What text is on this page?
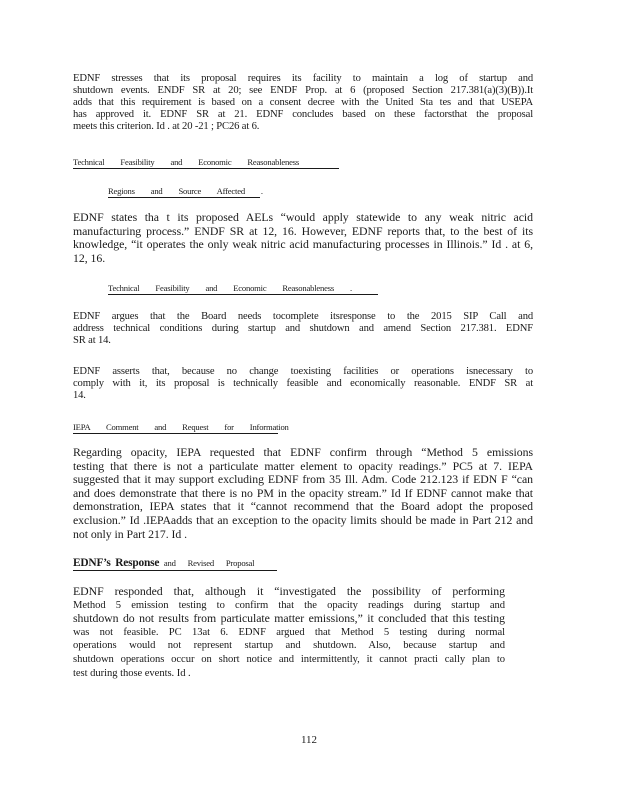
EDNF stresses that its proposal requires its facility to maintain a log of startup and
shutdown events. ENDF SR at 20; see ENDF Prop. at 6 (proposed Section 217.381(a)(3)(B)).It
adds that this requirement is based on a consent decree with the United Sta tes and that USEPA
has approved it. EDNF SR at 21. EDNF concludes based on these factorsthat the proposal
meets this criterion. Id . at 20 -21 ; PC26 at 6.
Technical Feasibility and Economic Reasonableness
Regions and Source Affected .
EDNF states tha t its proposed AELs “would apply statewide to any weak nitric acid
manufacturing process.” ENDF SR at 12, 16. However, EDNF reports that, to the best of its
knowledge, “it operates the only weak nitric acid manufacturing processes in Illinois.” Id . at 6,
12, 16.
Technical Feasibility and Economic Reasonableness .
EDNF argues that the Board needs tocomplete itsresponse to the 2015 SIP Call and
address technical conditions during startup and shutdown and amend Section 217.381. EDNF
SR at 14.
EDNF asserts that, because no change toexisting facilities or operations isnecessary to
comply with it, its proposal is technically feasible and economically reasonable. ENDF SR at
14.
IEPA Comment and Request for Information
Regarding opacity, IEPA requested that EDNF confirm through “Method 5 emissions
testing that there is not a particulate matter element to opacity readings.” PC5 at 7. IEPA
suggested that it may support excluding EDNF from 35 Ill. Adm. Code 212.123 if EDN F “can
and does demonstrate that there is no PM in the opacity stream.” Id If EDNF cannot make that
demonstration, IEPA states that it “cannot recommend that the Board adopt the proposed
exclusion.” Id .IEPAadds that an exception to the opacity limits should be made in Part 212 and
not only in Part 217. Id .
EDNF’s Response and Revised Proposal
EDNF responded that, although it “investigated the possibility of performing
Method 5 emission testing to confirm that the opacity readings during startup and
shutdown do not results from particulate matter emissions,” it concluded that this testing
was not feasible. PC 13at 6. EDNF argued that Method 5 testing during normal
operations would not represent startup and shutdown. Also, because startup and
shutdown operations occur on short notice and intermittently, it cannot practi cally plan to
test during those events. Id .
112
